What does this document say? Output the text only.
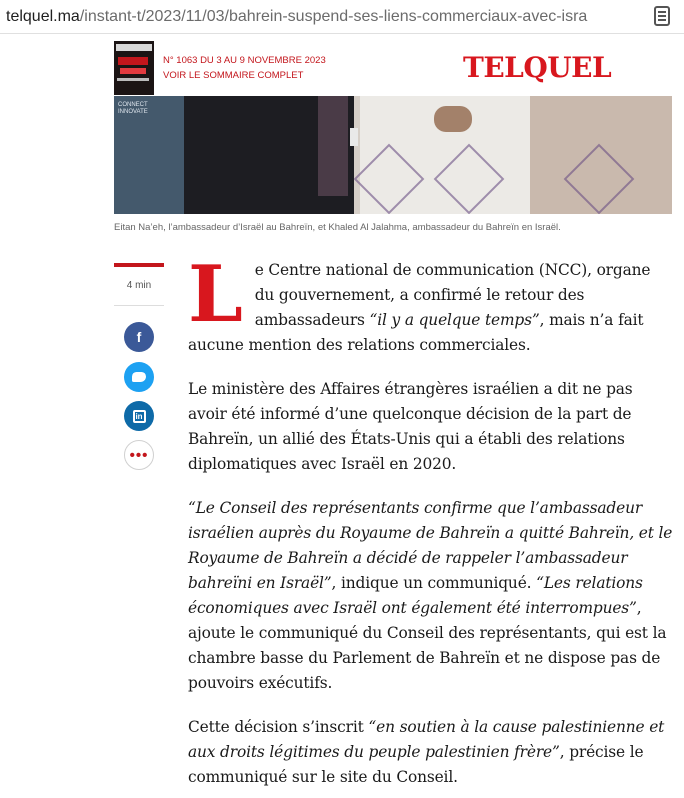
telquel.ma/instant-t/2023/11/03/bahrein-suspend-ses-liens-commerciaux-avec-isra
N° 1063 DU 3 AU 9 NOVEMBRE 2023
VOIR LE SOMMAIRE COMPLET	TELQUEL
CONNECT
INNOVATE
Eitan Na’eh, l’ambassadeur d’Israël au Bahreïn, et Khaled Al Jalahma, ambassadeur du Bahreïn en Israël.
4 min
f
in
•••

Le Centre national de communication (NCC), organe du gouvernement, a confirmé le retour des ambassadeurs “il y a quelque temps”, mais n’a fait aucune mention des relations commerciales.

Le ministère des Affaires étrangères israélien a dit ne pas avoir été informé d’une quelconque décision de la part de Bahreïn, un allié des États-Unis qui a établi des relations diplomatiques avec Israël en 2020.

“Le Conseil des représentants confirme que l’ambassadeur israélien auprès du Royaume de Bahreïn a quitté Bahreïn, et le Royaume de Bahreïn a décidé de rappeler l’ambassadeur bahreïni en Israël”, indique un communiqué. “Les relations économiques avec Israël ont également été interrompues”, ajoute le communiqué du Conseil des représentants, qui est la chambre basse du Parlement de Bahreïn et ne dispose pas de pouvoirs exécutifs.

Cette décision s’inscrit “en soutien à la cause palestinienne et aux droits légitimes du peuple palestinien frère”, précise le communiqué sur le site du Conseil.
